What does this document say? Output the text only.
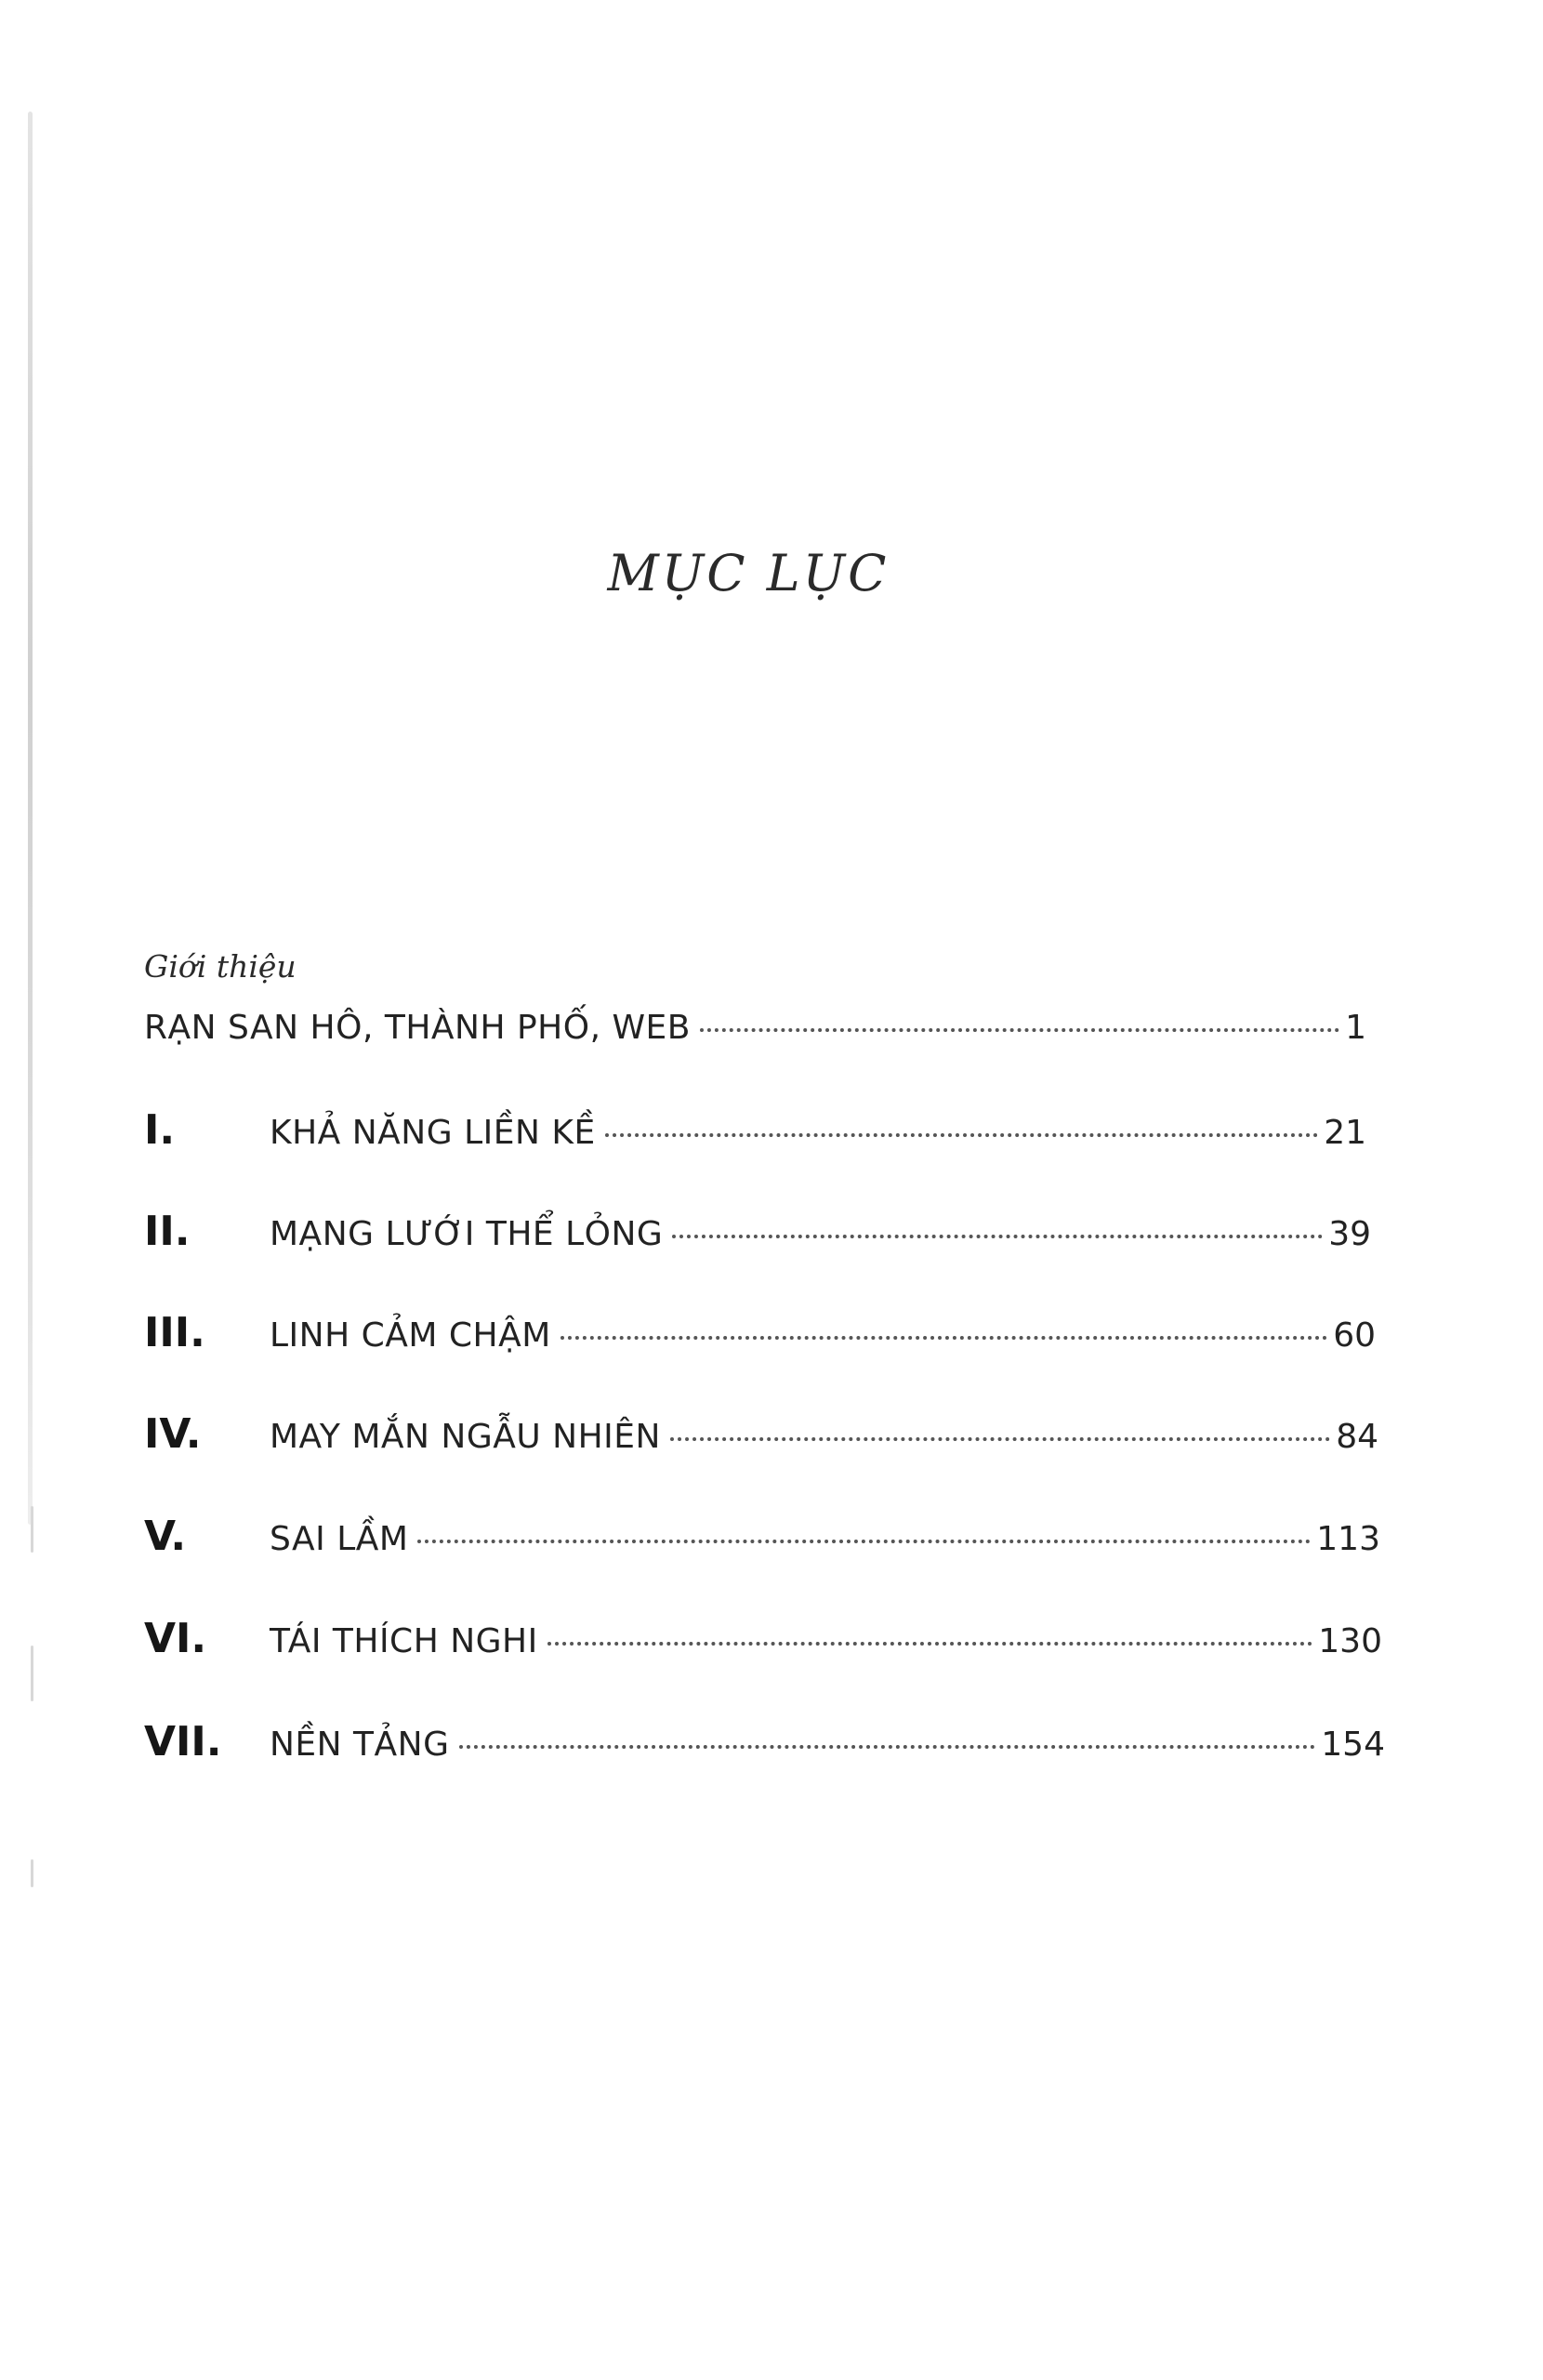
MỤC LỤC
Giới thiệu
RẠN SAN HÔ, THÀNH PHỐ, WEB	1
I.	KHẢ NĂNG LIỀN KỀ	21
II.	MẠNG LƯỚI THỂ LỎNG	39
III.	LINH CẢM CHẬM	60
IV.	MAY MẮN NGẪU NHIÊN	84
V.	SAI LẦM	113
VI.	TÁI THÍCH NGHI	130
VII.	NỀN TẢNG	154
